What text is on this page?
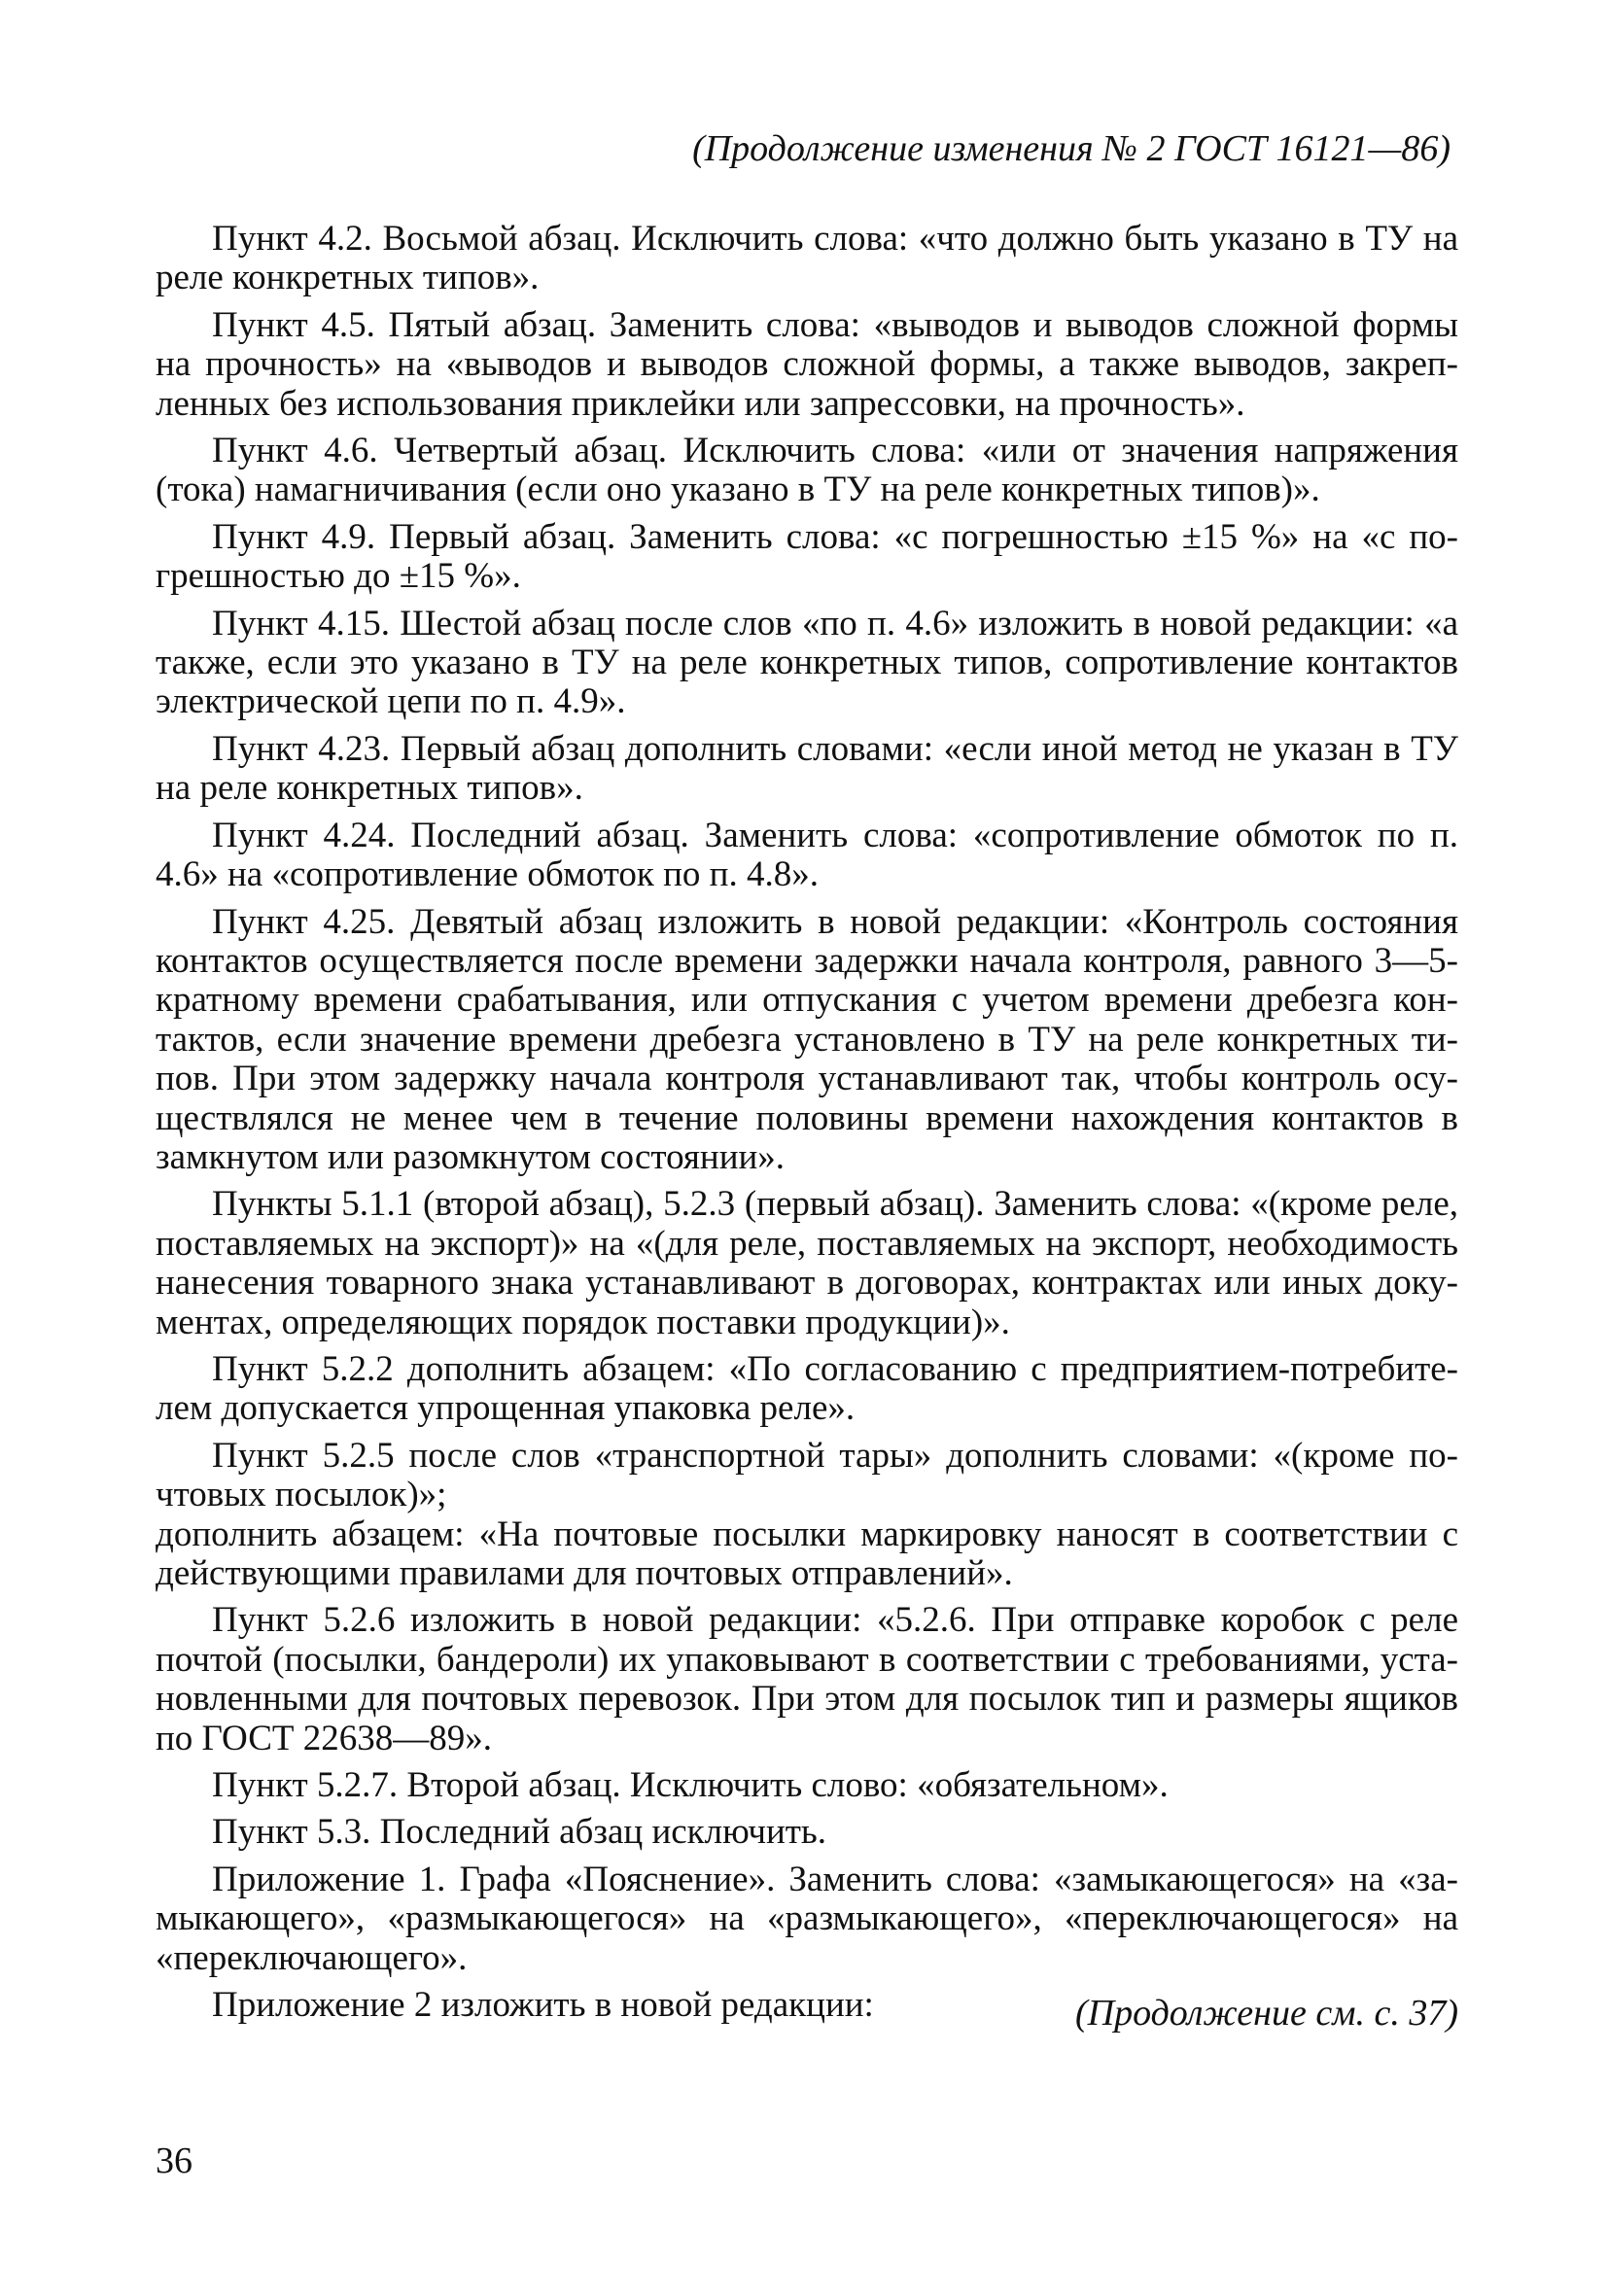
(Продолжение изменения № 2 ГОСТ 16121—86)

Пункт 4.2. Восьмой абзац. Исключить слова: «что должно быть указано в ТУ на реле конкретных типов».

Пункт 4.5. Пятый абзац. Заменить слова: «выводов и выводов сложной формы на прочность» на «выводов и выводов сложной формы, а также выводов, закрепленных без использования приклейки или запрессовки, на прочность».

Пункт 4.6. Четвертый абзац. Исключить слова: «или от значения напряжения (тока) намагничивания (если оно указано в ТУ на реле конкретных типов)».

Пункт 4.9. Первый абзац. Заменить слова: «с погрешностью ±15 %» на «с погрешностью до ±15 %».

Пункт 4.15. Шестой абзац после слов «по п. 4.6» изложить в новой редакции: «а также, если это указано в ТУ на реле конкретных типов, сопротивление контактов электрической цепи по п. 4.9».

Пункт 4.23. Первый абзац дополнить словами: «если иной метод не указан в ТУ на реле конкретных типов».

Пункт 4.24. Последний абзац. Заменить слова: «сопротивление обмоток по п. 4.6» на «сопротивление обмоток по п. 4.8».

Пункт 4.25. Девятый абзац изложить в новой редакции: «Контроль состояния контактов осуществляется после времени задержки начала контроля, равного 3—5-кратному времени срабатывания, или отпускания с учетом времени дребезга контактов, если значение времени дребезга установлено в ТУ на реле конкретных типов. При этом задержку начала контроля устанавливают так, чтобы контроль осуществлялся не менее чем в течение половины времени нахождения контактов в замкнутом или разомкнутом состоянии».

Пункты 5.1.1 (второй абзац), 5.2.3 (первый абзац). Заменить слова: «(кроме реле, поставляемых на экспорт)» на «(для реле, поставляемых на экспорт, необходимость нанесения товарного знака устанавливают в договорах, контрактах или иных документах, определяющих порядок поставки продукции)».

Пункт 5.2.2 дополнить абзацем: «По согласованию с предприятием-потребителем допускается упрощенная упаковка реле».

Пункт 5.2.5 после слов «транспортной тары» дополнить словами: «(кроме почтовых посылок)»;

дополнить абзацем: «На почтовые посылки маркировку наносят в соответствии с действующими правилами для почтовых отправлений».

Пункт 5.2.6 изложить в новой редакции: «5.2.6. При отправке коробок с реле почтой (посылки, бандероли) их упаковывают в соответствии с требованиями, установленными для почтовых перевозок. При этом для посылок тип и размеры ящиков по ГОСТ 22638—89».

Пункт 5.2.7. Второй абзац. Исключить слово: «обязательном».

Пункт 5.3. Последний абзац исключить.

Приложение 1. Графа «Пояснение». Заменить слова: «замыкающегося» на «замыкающего», «размыкающегося» на «размыкающего», «переключающегося» на «переключающего».

Приложение 2 изложить в новой редакции:	(Продолжение см. с. 37)
36
